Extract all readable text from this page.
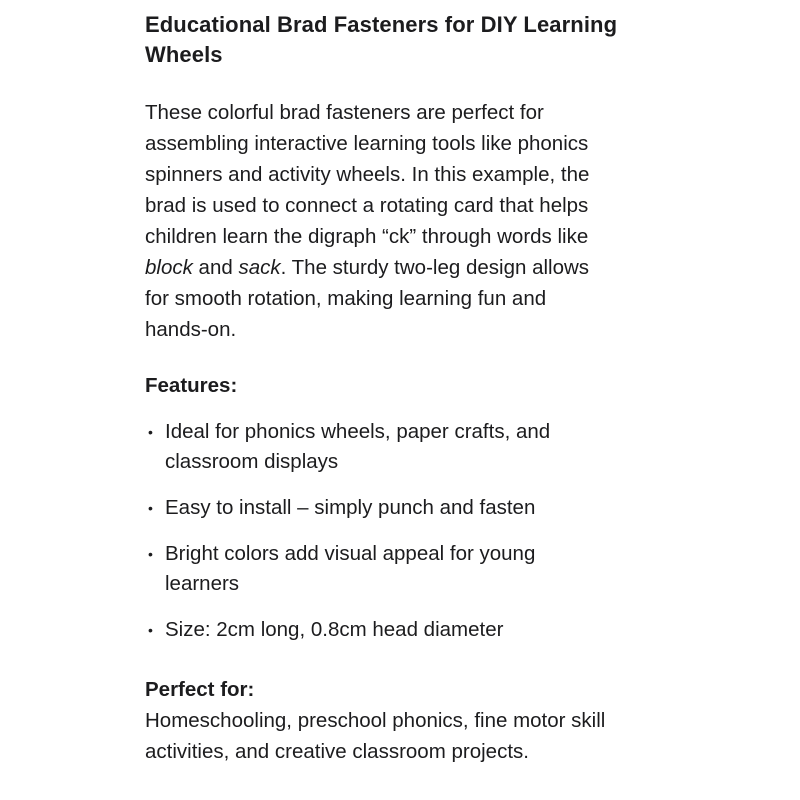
Educational Brad Fasteners for DIY Learning
Wheels

These colorful brad fasteners are perfect for
assembling interactive learning tools like phonics
spinners and activity wheels. In this example, the
brad is used to connect a rotating card that helps
children learn the digraph “ck” through words like
block and sack. The sturdy two-leg design allows
for smooth rotation, making learning fun and
hands-on.

Features:
• Ideal for phonics wheels, paper crafts, and
classroom displays
• Easy to install – simply punch and fasten
• Bright colors add visual appeal for young
learners
• Size: 2cm long, 0.8cm head diameter
Perfect for:

Homeschooling, preschool phonics, fine motor skill
activities, and creative classroom projects.
